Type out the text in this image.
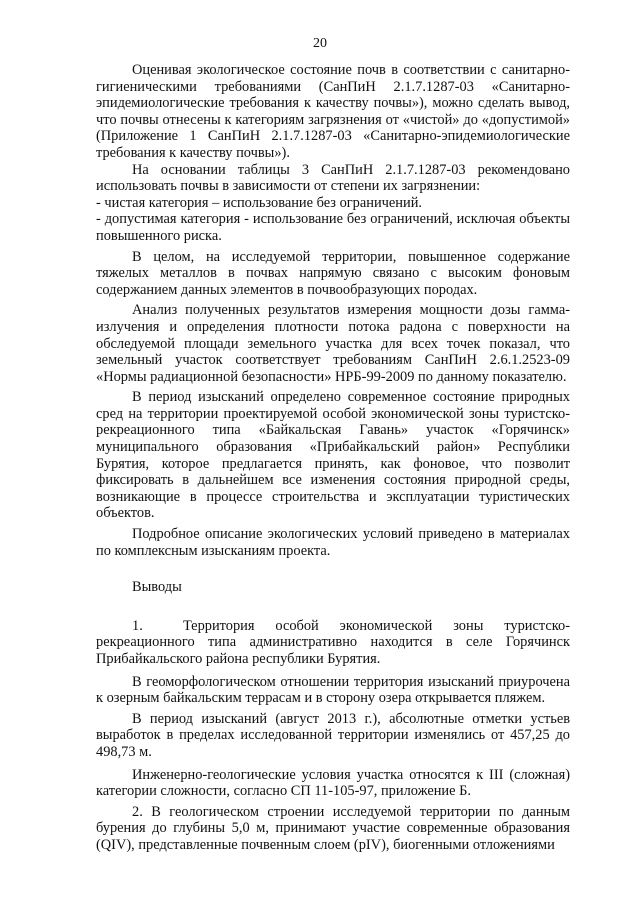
20

Оценивая экологическое состояние почв в соответствии с санитарно-гигиеническими требованиями (СанПиН 2.1.7.1287-03 «Санитарно-эпидемиологические требования к качеству почвы»), можно сделать вывод, что почвы отнесены к категориям загрязнения от «чистой» до «допустимой» (Приложение 1 СанПиН 2.1.7.1287-03 «Санитарно-эпидемиологические требования к качеству почвы»).

На основании таблицы 3 СанПиН 2.1.7.1287-03 рекомендовано использовать почвы в зависимости от степени их загрязнении:

- чистая категория – использование без ограничений.

- допустимая категория - использование без ограничений, исключая объекты повышенного риска.

В целом, на исследуемой территории, повышенное содержание тяжелых металлов в почвах напрямую связано с высоким фоновым содержанием данных элементов в почвообразующих породах.

Анализ полученных результатов измерения мощности дозы гамма-излучения и определения плотности потока радона с поверхности на обследуемой площади земельного участка для всех точек показал, что земельный участок соответствует требованиям СанПиН 2.6.1.2523-09 «Нормы радиационной безопасности» НРБ-99-2009 по данному показателю.

В период изысканий определено современное состояние природных сред на территории проектируемой особой экономической зоны туристско-рекреационного типа «Байкальская Гавань» участок «Горячинск» муниципального образования «Прибайкальский район» Республики Бурятия, которое предлагается принять, как фоновое, что позволит фиксировать в дальнейшем все изменения состояния природной среды, возникающие в процессе строительства и эксплуатации туристических объектов.

Подробное описание экологических условий приведено в материалах по комплексным изысканиям проекта.

Выводы

1.	Территория особой экономической зоны туристско-рекреационного типа административно находится в селе Горячинск Прибайкальского района республики Бурятия.

В геоморфологическом отношении территория изысканий приурочена к озерным байкальским террасам и в сторону озера открывается пляжем.

В период изысканий (август 2013 г.), абсолютные отметки устьев выработок в пределах исследованной территории изменялись от 457,25 до 498,73 м.

Инженерно-геологические условия участка относятся к III (сложная) категории сложности, согласно СП 11-105-97, приложение Б.

2. В геологическом строении исследуемой территории по данным бурения до глубины 5,0 м, принимают участие современные образования (QIV), представленные почвенным слоем (pIV), биогенными отложениями
